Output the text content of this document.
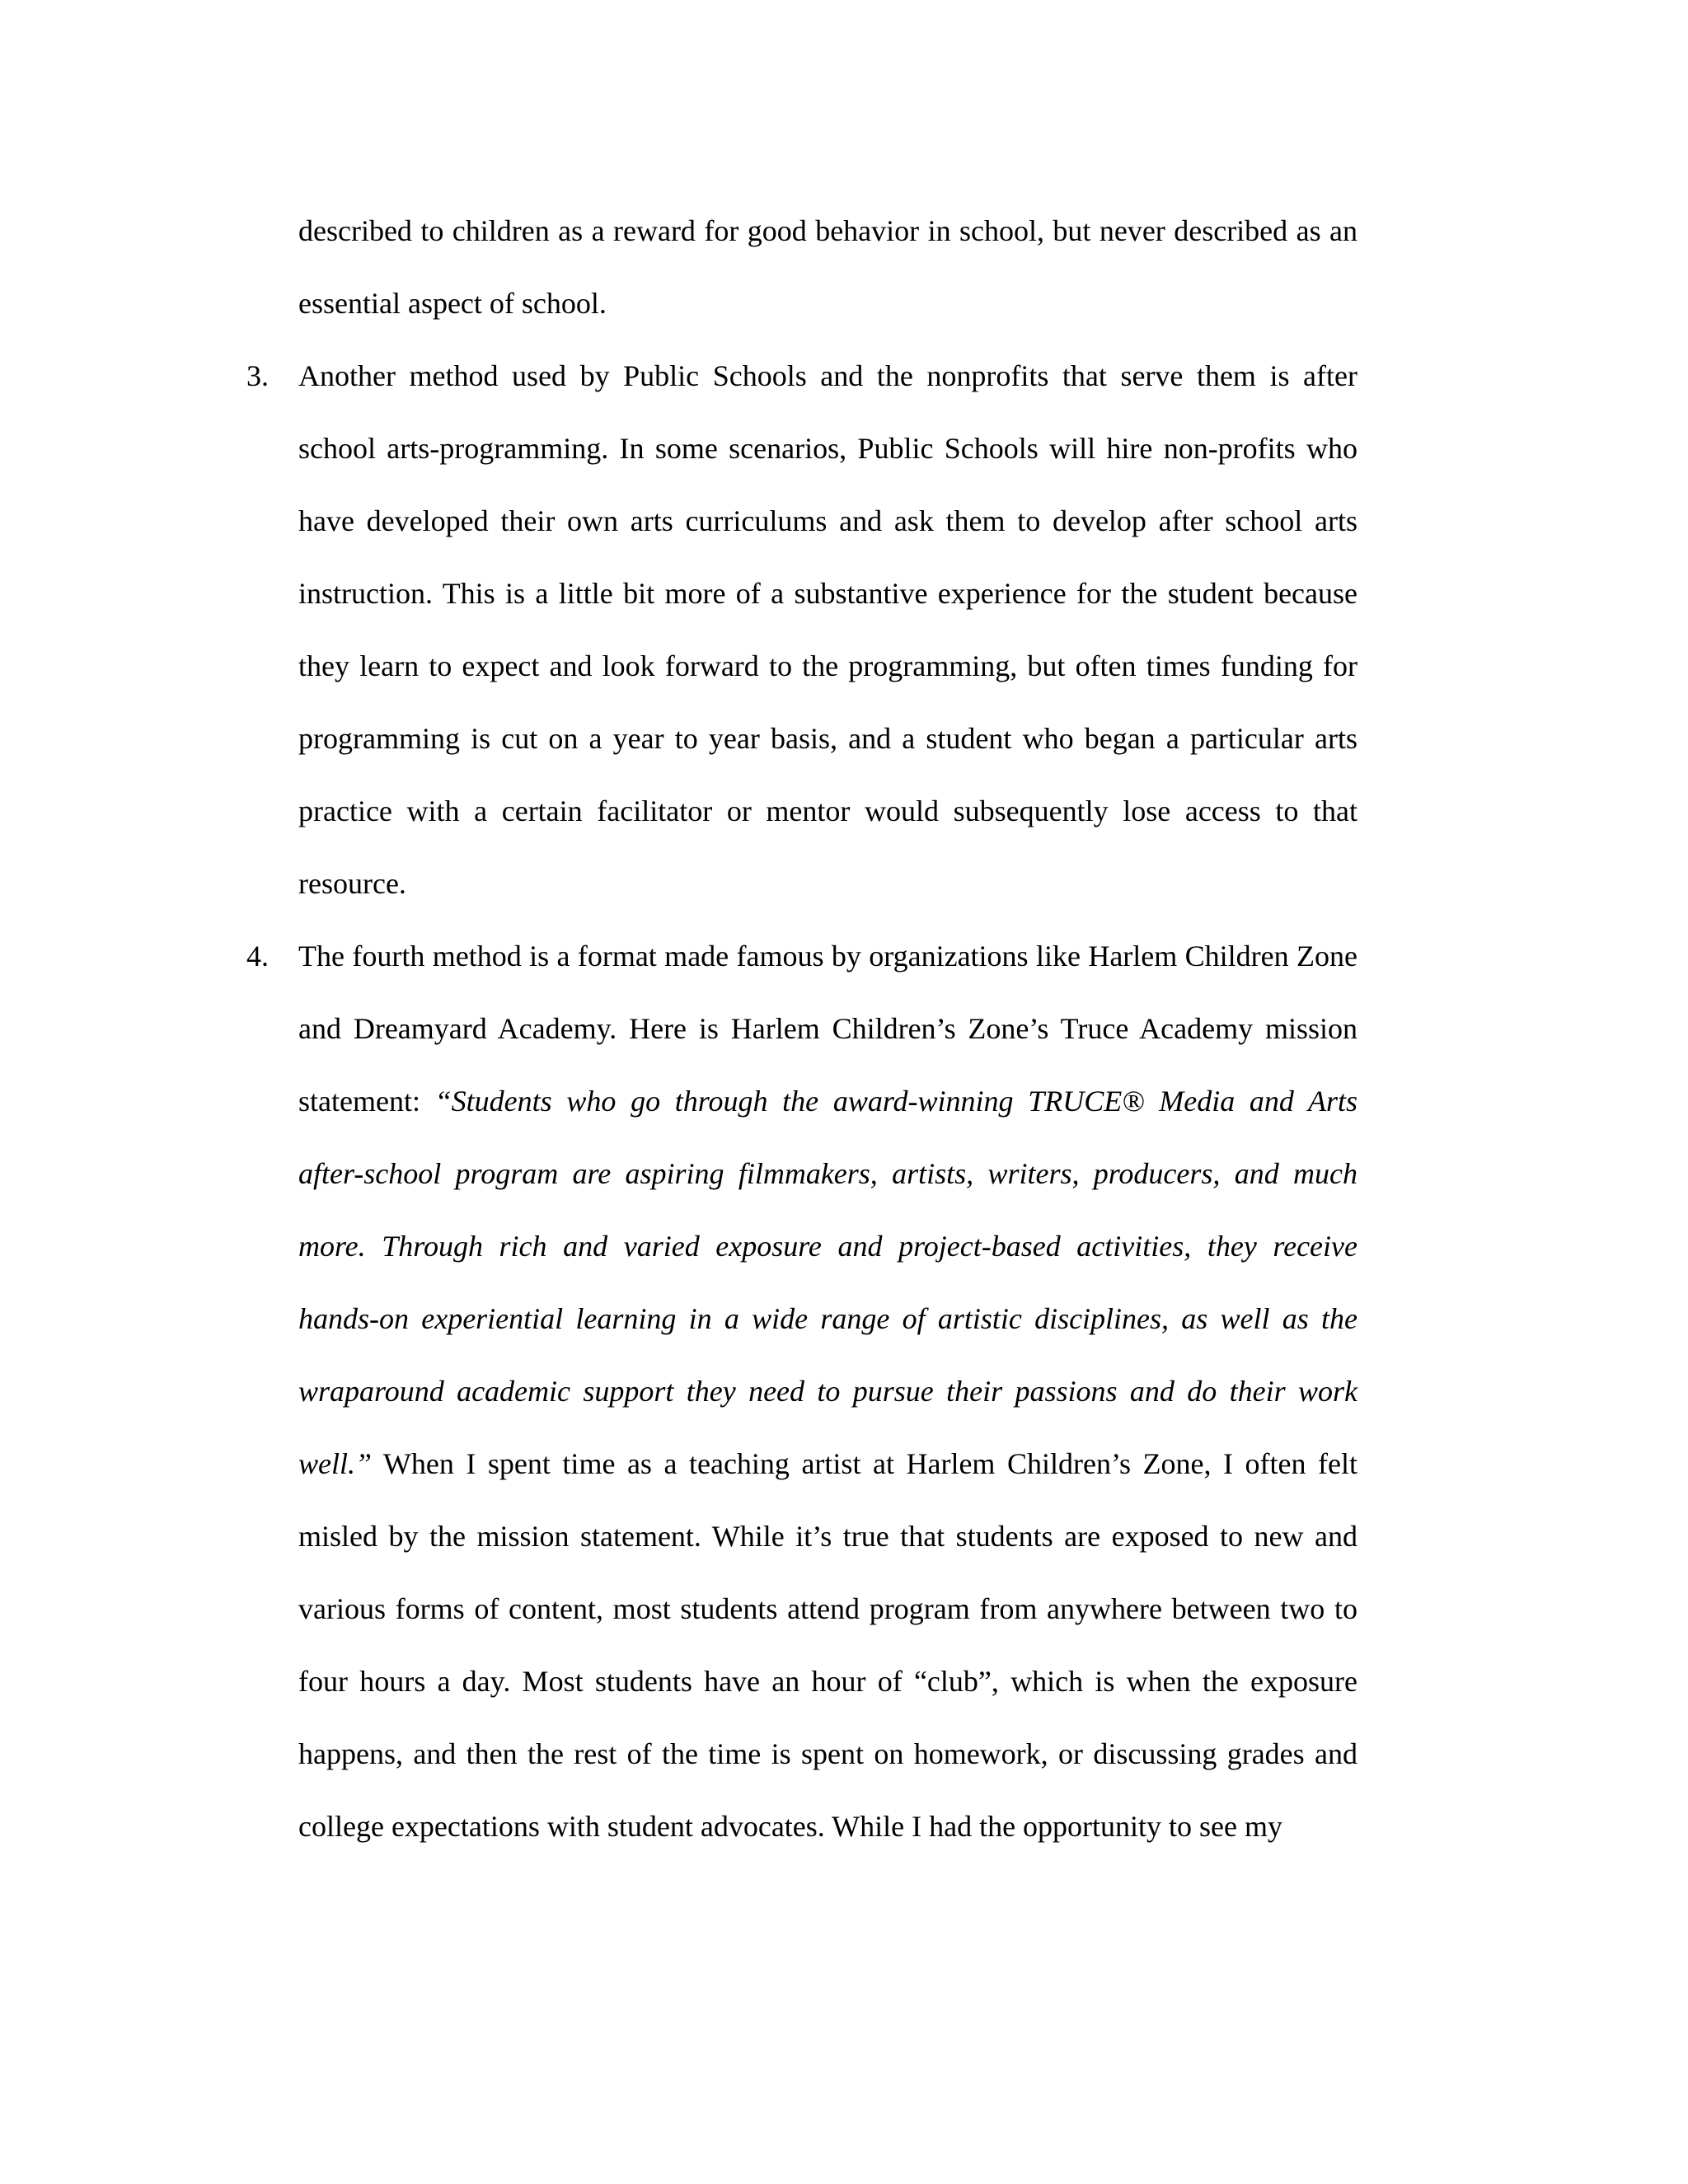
described to children as a reward for good behavior in school, but never described as an essential aspect of school.

3. Another method used by Public Schools and the nonprofits that serve them is after school arts-programming. In some scenarios, Public Schools will hire non-profits who have developed their own arts curriculums and ask them to develop after school arts instruction. This is a little bit more of a substantive experience for the student because they learn to expect and look forward to the programming, but often times funding for programming is cut on a year to year basis, and a student who began a particular arts practice with a certain facilitator or mentor would subsequently lose access to that resource.

4. The fourth method is a format made famous by organizations like Harlem Children Zone and Dreamyard Academy. Here is Harlem Children’s Zone’s Truce Academy mission statement: “Students who go through the award-winning TRUCE® Media and Arts after-school program are aspiring filmmakers, artists, writers, producers, and much more. Through rich and varied exposure and project-based activities, they receive hands-on experiential learning in a wide range of artistic disciplines, as well as the wraparound academic support they need to pursue their passions and do their work well.” When I spent time as a teaching artist at Harlem Children’s Zone, I often felt misled by the mission statement. While it’s true that students are exposed to new and various forms of content, most students attend program from anywhere between two to four hours a day. Most students have an hour of “club”, which is when the exposure happens, and then the rest of the time is spent on homework, or discussing grades and college expectations with student advocates. While I had the opportunity to see my
